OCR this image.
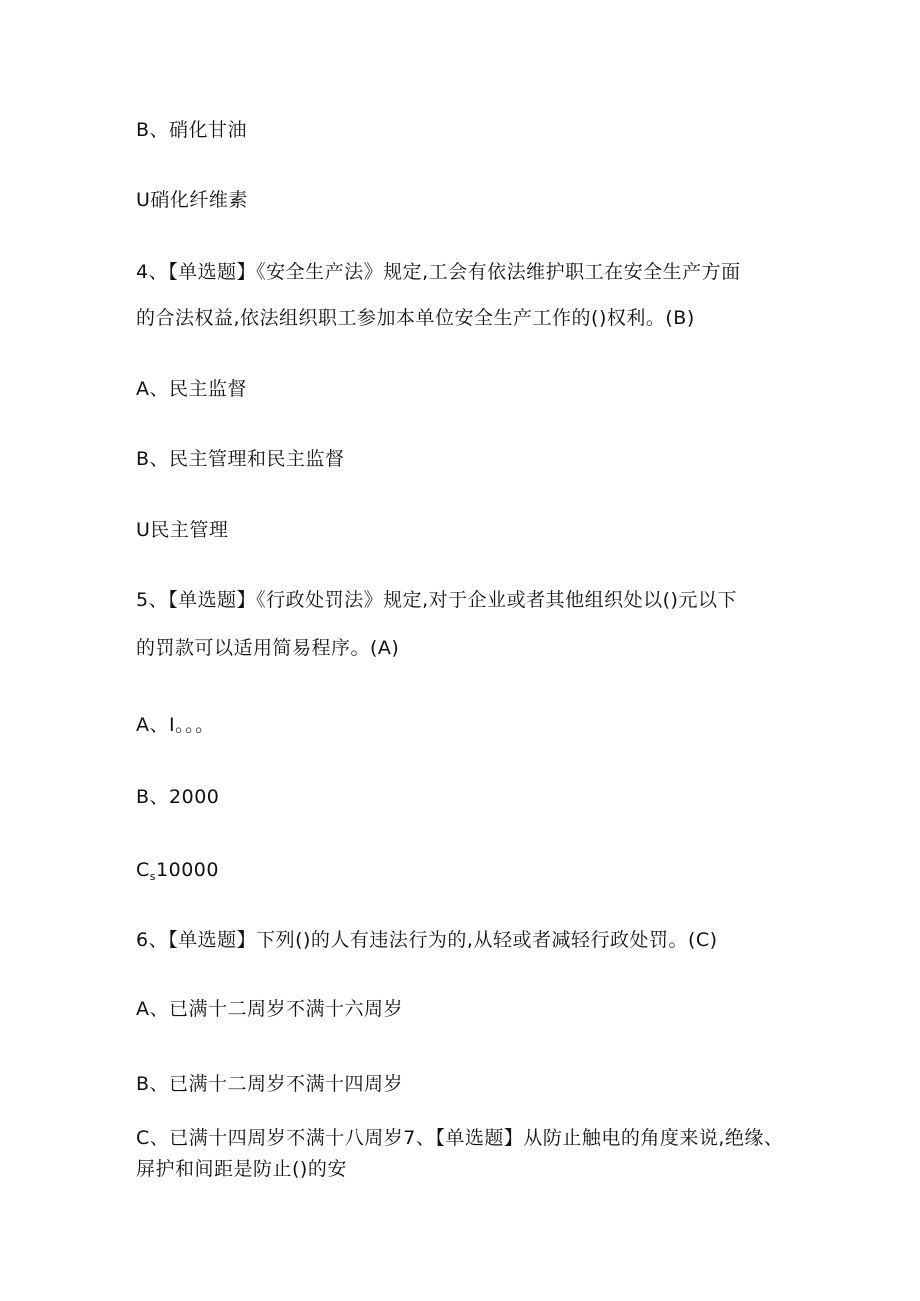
B、硝化甘油
U硝化纤维素
4、【单选题】《安全生产法》规定,工会有依法维护职工在安全生产方面
的合法权益,依法组织职工参加本单位安全生产工作的()权利。(B)
A、民主监督
B、民主管理和民主监督
U民主管理
5、【单选题】《行政处罚法》规定,对于企业或者其他组织处以()元以下
的罚款可以适用简易程序。(A)
A、I。。。
B、2000
$C_s10000$
6、【单选题】下列()的人有违法行为的,从轻或者减轻行政处罚。(C)
A、已满十二周岁不满十六周岁
B、已满十二周岁不满十四周岁
C、已满十四周岁不满十八周岁7、【单选题】从防止触电的角度来说,绝缘、屏护和间距是防止()的安
